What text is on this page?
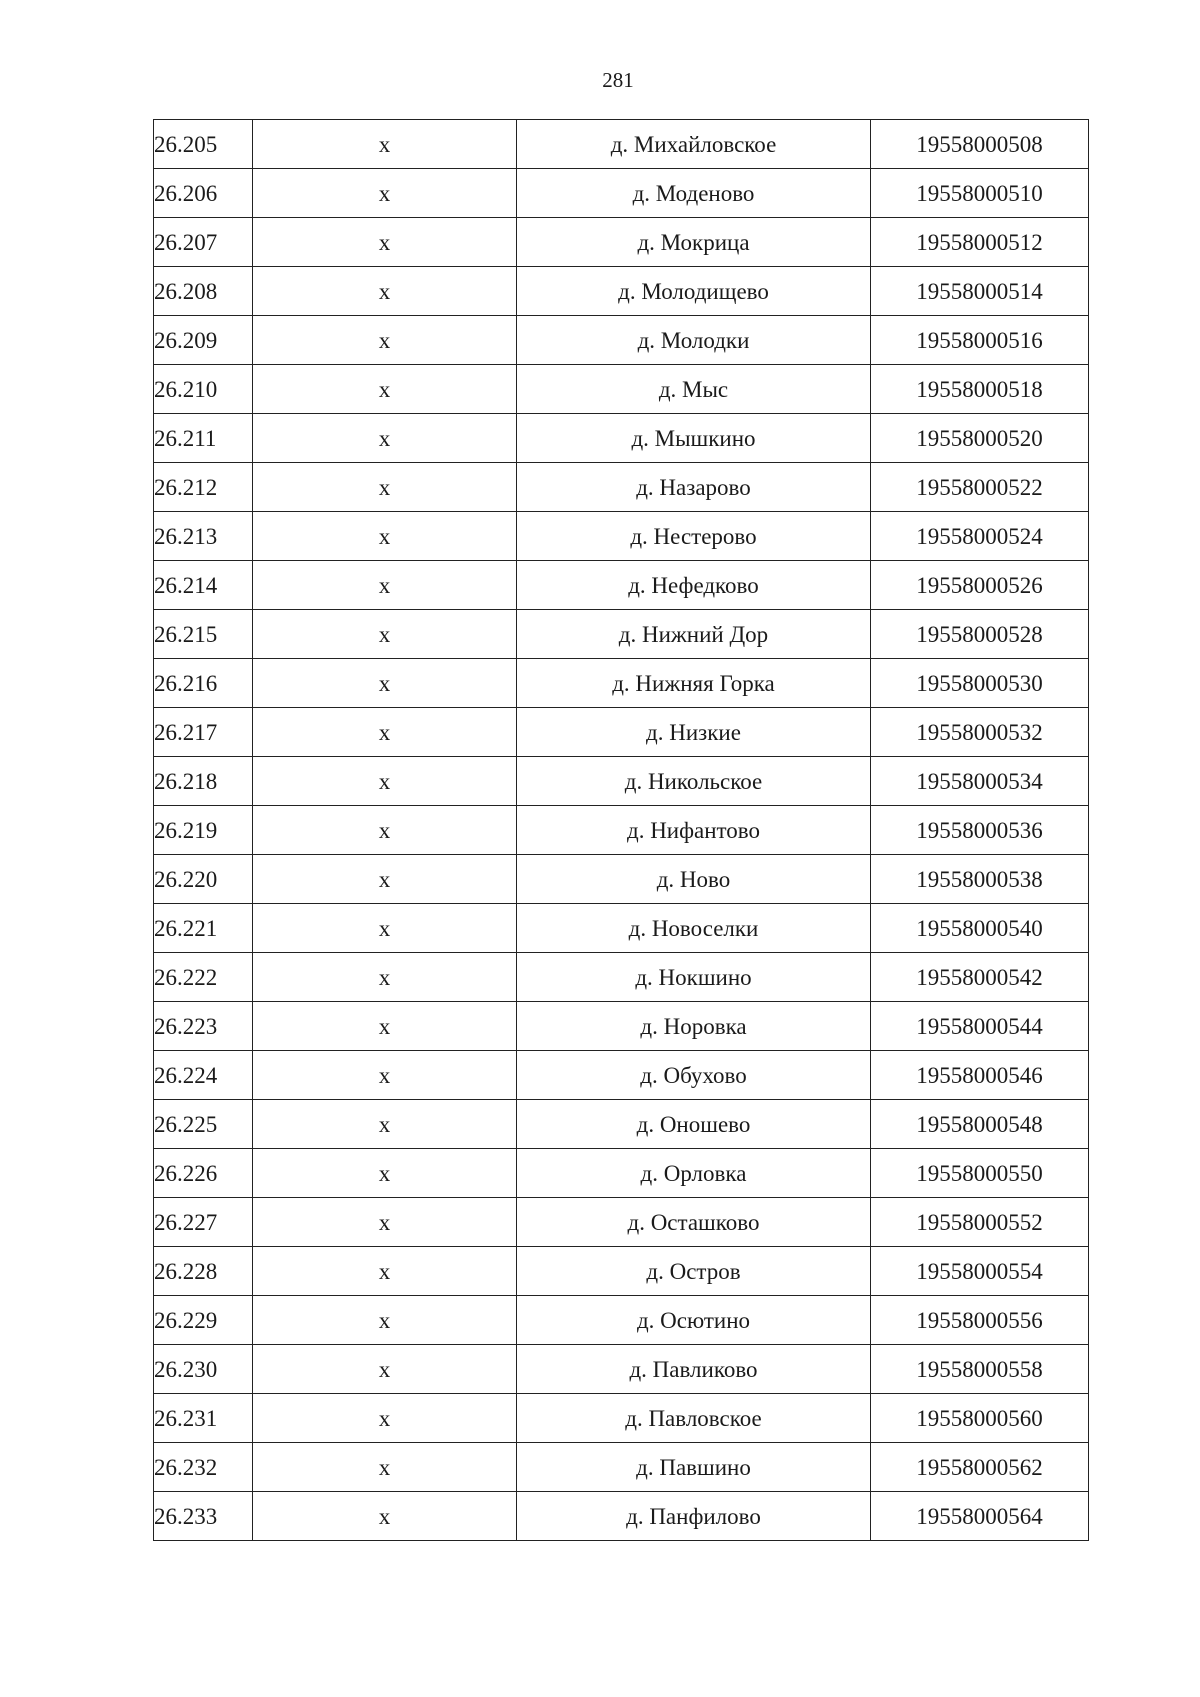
281
26.205	х	д. Михайловское	19558000508
26.206	х	д. Моденово	19558000510
26.207	х	д. Мокрица	19558000512
26.208	х	д. Молодищево	19558000514
26.209	х	д. Молодки	19558000516
26.210	х	д. Мыс	19558000518
26.211	х	д. Мышкино	19558000520
26.212	х	д. Назарово	19558000522
26.213	х	д. Нестерово	19558000524
26.214	х	д. Нефедково	19558000526
26.215	х	д. Нижний Дор	19558000528
26.216	х	д. Нижняя Горка	19558000530
26.217	х	д. Низкие	19558000532
26.218	х	д. Никольское	19558000534
26.219	х	д. Нифантово	19558000536
26.220	х	д. Ново	19558000538
26.221	х	д. Новоселки	19558000540
26.222	х	д. Нокшино	19558000542
26.223	х	д. Норовка	19558000544
26.224	х	д. Обухово	19558000546
26.225	х	д. Оношево	19558000548
26.226	х	д. Орловка	19558000550
26.227	х	д. Осташково	19558000552
26.228	х	д. Остров	19558000554
26.229	х	д. Осютино	19558000556
26.230	х	д. Павликово	19558000558
26.231	х	д. Павловское	19558000560
26.232	х	д. Павшино	19558000562
26.233	х	д. Панфилово	19558000564
